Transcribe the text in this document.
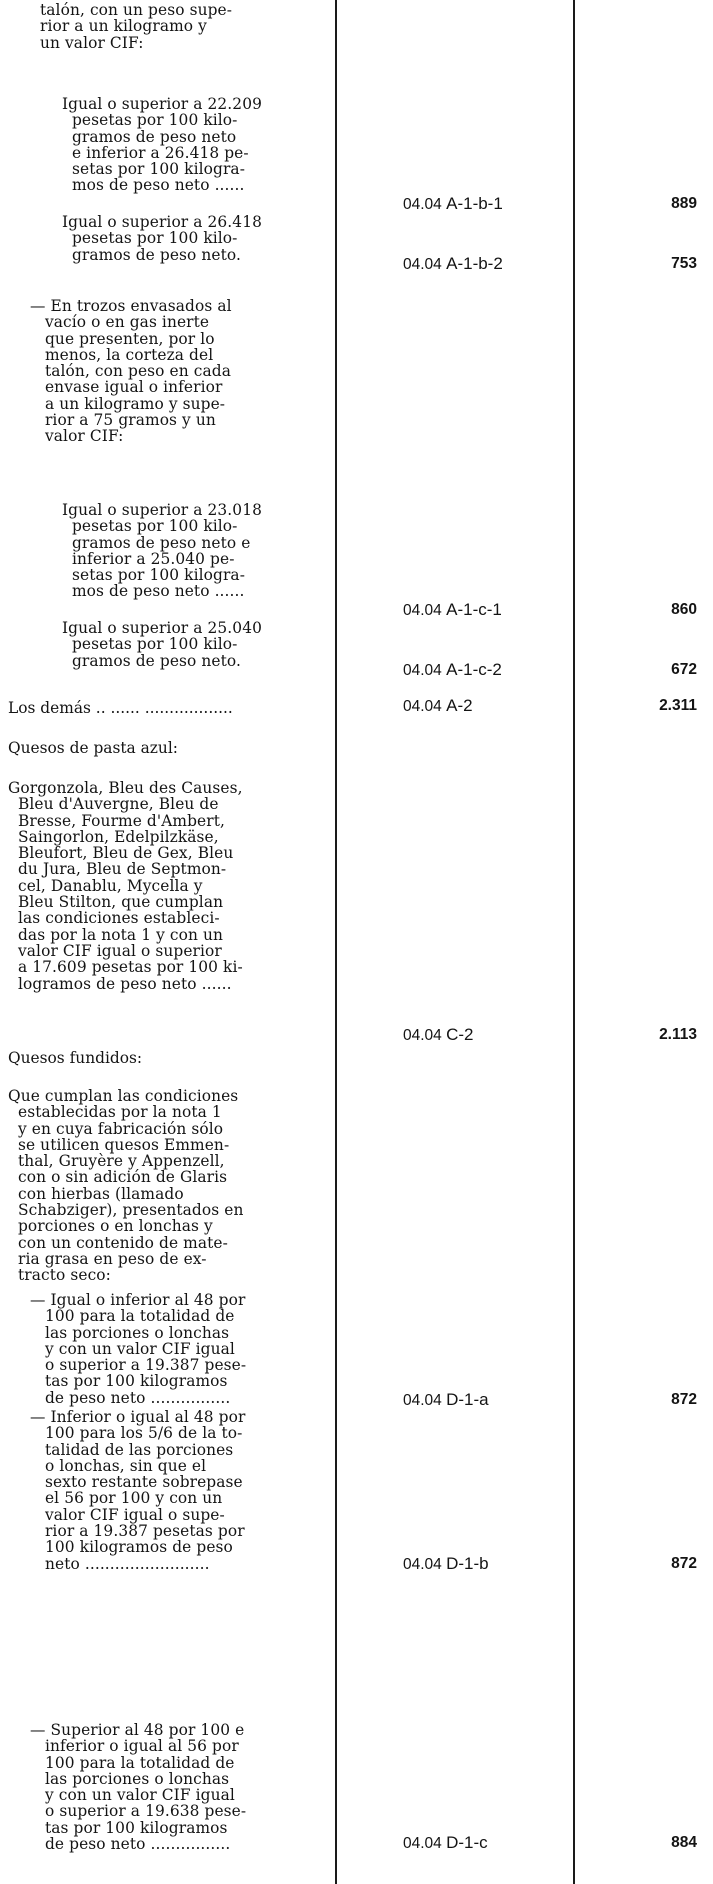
talón, con un peso supe-
rior a un kilogramo y
un valor CIF:

Igual o superior a 22.209
pesetas por 100 kilo-
gramos de peso neto
e inferior a 26.418 pe-
setas por 100 kilogra-
mos de peso neto ......

Igual o superior a 26.418
pesetas por 100 kilo-
gramos de peso neto.

— En trozos envasados al
vacío o en gas inerte
que presenten, por lo
menos, la corteza del
talón, con peso en cada
envase igual o inferior
a un kilogramo y supe-
rior a 75 gramos y un
valor CIF:

Igual o superior a 23.018
pesetas por 100 kilo-
gramos de peso neto e
inferior a 25.040 pe-
setas por 100 kilogra-
mos de peso neto ......

Igual o superior a 25.040
pesetas por 100 kilo-
gramos de peso neto.

Los demás .. ...... ..................

Quesos de pasta azul:

Gorgonzola, Bleu des Causes,
Bleu d'Auvergne, Bleu de
Bresse, Fourme d'Ambert,
Saingorlon, Edelpilzkäse,
Bleufort, Bleu de Gex, Bleu
du Jura, Bleu de Septmon-
cel, Danablu, Mycella y
Bleu Stilton, que cumplan
las condiciones estableci-
das por la nota 1 y con un
valor CIF igual o superior
a 17.609 pesetas por 100 ki-
logramos de peso neto ......

Quesos fundidos:

Que cumplan las condiciones
establecidas por la nota 1
y en cuya fabricación sólo
se utilicen quesos Emmen-
thal, Gruyère y Appenzell,
con o sin adición de Glaris
con hierbas (llamado
Schabziger), presentados en
porciones o en lonchas y
con un contenido de mate-
ria grasa en peso de ex-
tracto seco:

— Igual o inferior al 48 por
100 para la totalidad de
las porciones o lonchas
y con un valor CIF igual
o superior a 19.387 pese-
tas por 100 kilogramos
de peso neto ................

— Inferior o igual al 48 por
100 para los 5/6 de la to-
talidad de las porciones
o lonchas, sin que el
sexto restante sobrepase
el 56 por 100 y con un
valor CIF igual o supe-
rior a 19.387 pesetas por
100 kilogramos de peso
neto .........................

— Superior al 48 por 100 e
inferior o igual al 56 por
100 para la totalidad de
las porciones o lonchas
y con un valor CIF igual
o superior a 19.638 pese-
tas por 100 kilogramos
de peso neto ................

04.04 A-1-b-1

04.04 A-1-b-2

04.04 A-1-c-1

04.04 A-1-c-2

04.04 A-2

04.04 C-2

04.04 D-1-a

04.04 D-1-b

04.04 D-1-c

889

753

860

672

2.311

2.113

872

872

884
